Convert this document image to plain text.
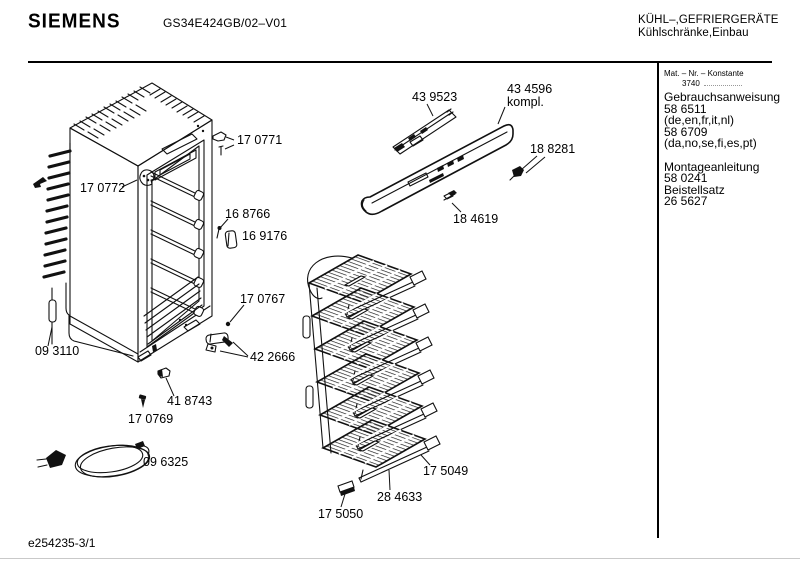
SIEMENS	GS34E424GB/02–V01	KÜHL–,GEFRIERGERÄTE
Kühlschränke,Einbau
Mat. – Nr. – Konstante
3740
Gebrauchsanweisung
58 6511
(de,en,fr,it,nl)
58 6709
(da,no,se,fi,es,pt)
Montageanleitung
58 0241
Beistellsatz
26 5627
e254235-3/1
17 0771
17 0772
16 8766
16 9176
17 0767
09 3110	42 2666
41 8743
17 0769
09 6325
43 9523
43 4596
kompl.
18 8281
18 4619
17 5049
28 4633
17 5050
